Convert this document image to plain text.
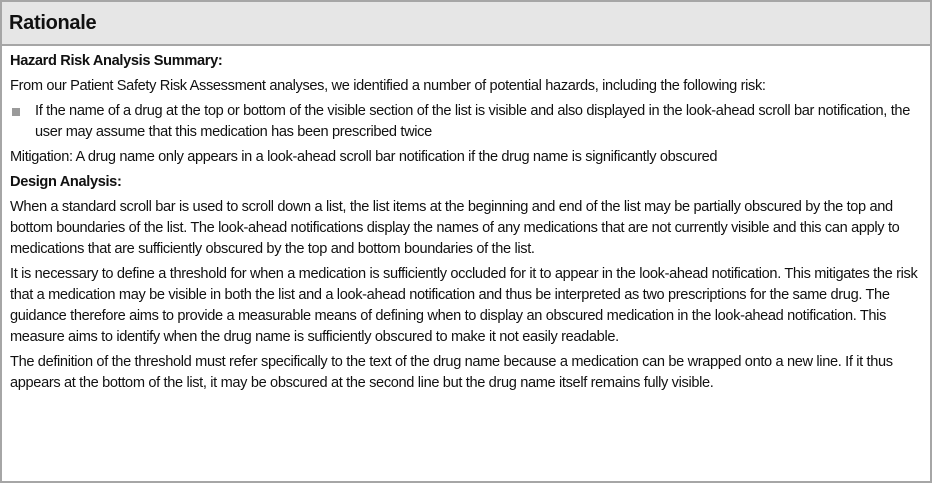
Rationale
Hazard Risk Analysis Summary:

From our Patient Safety Risk Assessment analyses, we identified a number of potential hazards, including the following risk:

If the name of a drug at the top or bottom of the visible section of the list is visible and also displayed in the look-ahead scroll bar notification, the user may assume that this medication has been prescribed twice

Mitigation: A drug name only appears in a look-ahead scroll bar notification if the drug name is significantly obscured

Design Analysis:

When a standard scroll bar is used to scroll down a list, the list items at the beginning and end of the list may be partially obscured by the top and bottom boundaries of the list. The look-ahead notifications display the names of any medications that are not currently visible and this can apply to medications that are sufficiently obscured by the top and bottom boundaries of the list.

It is necessary to define a threshold for when a medication is sufficiently occluded for it to appear in the look-ahead notification. This mitigates the risk that a medication may be visible in both the list and a look-ahead notification and thus be interpreted as two prescriptions for the same drug. The guidance therefore aims to provide a measurable means of defining when to display an obscured medication in the look-ahead notification. This measure aims to identify when the drug name is sufficiently obscured to make it not easily readable.

The definition of the threshold must refer specifically to the text of the drug name because a medication can be wrapped onto a new line. If it thus appears at the bottom of the list, it may be obscured at the second line but the drug name itself remains fully visible.
